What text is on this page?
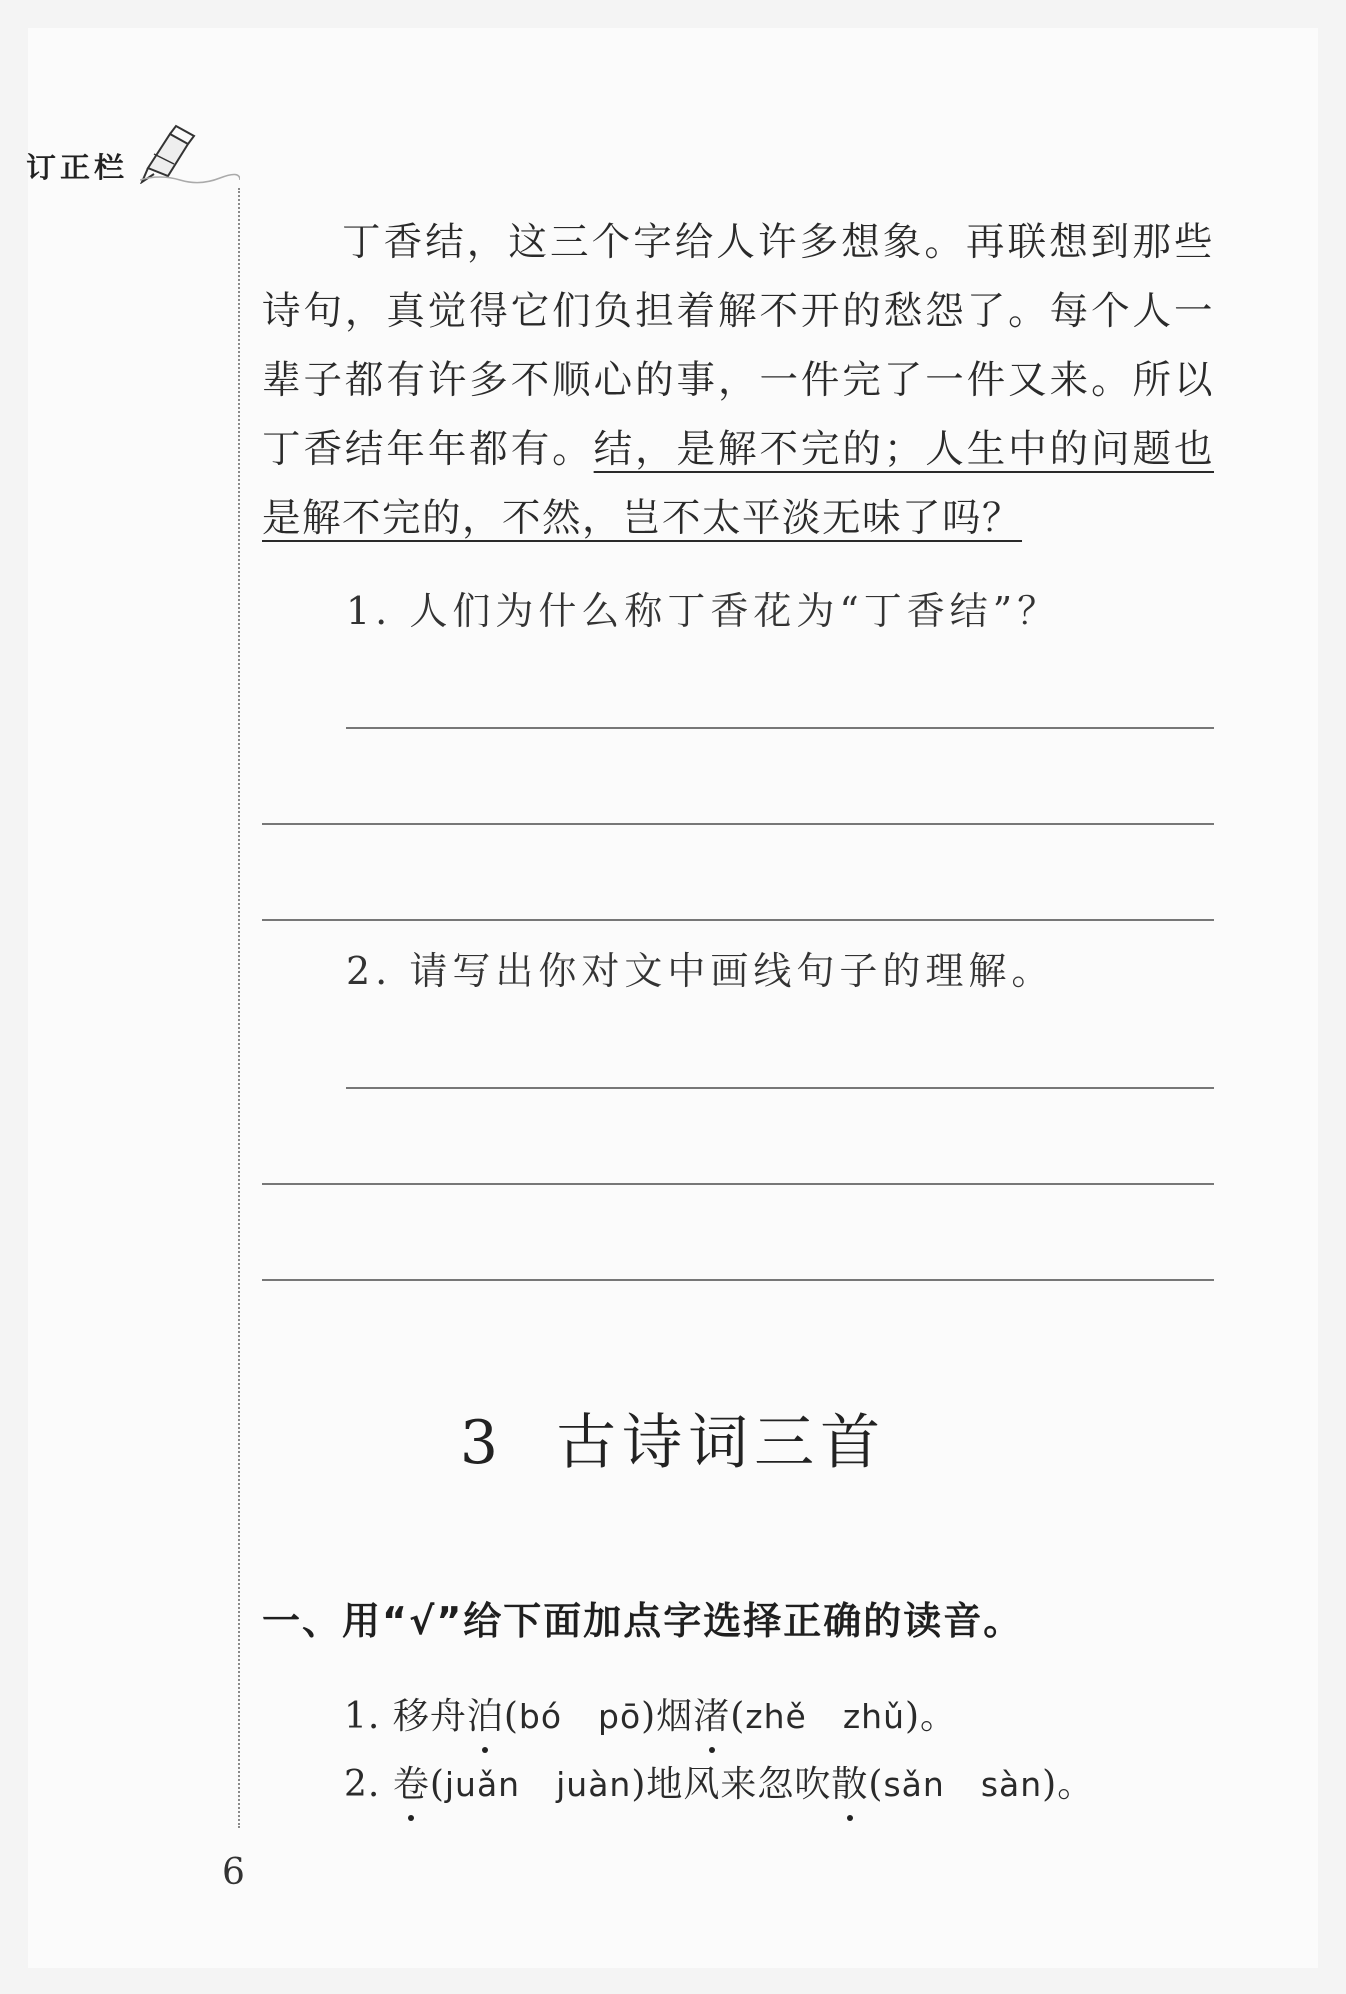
订正栏
丁香结，这三个字给人许多想象。再联想到那些诗句，真觉得它们负担着解不开的愁怨了。每个人一辈子都有许多不顺心的事，一件完了一件又来。所以丁香结年年都有。结，是解不完的；人生中的问题也是解不完的，不然，岂不太平淡无味了吗？
1. 人们为什么称丁香花为“丁香结”？
2. 请写出你对文中画线句子的理解。
3 古诗词三首
一、用“√”给下面加点字选择正确的读音。
1. 移舟泊(bó pō)烟渚(zhě zhǔ)。
2. 卷(juǎn juàn)地风来忽吹散(sǎn sàn)。
6
